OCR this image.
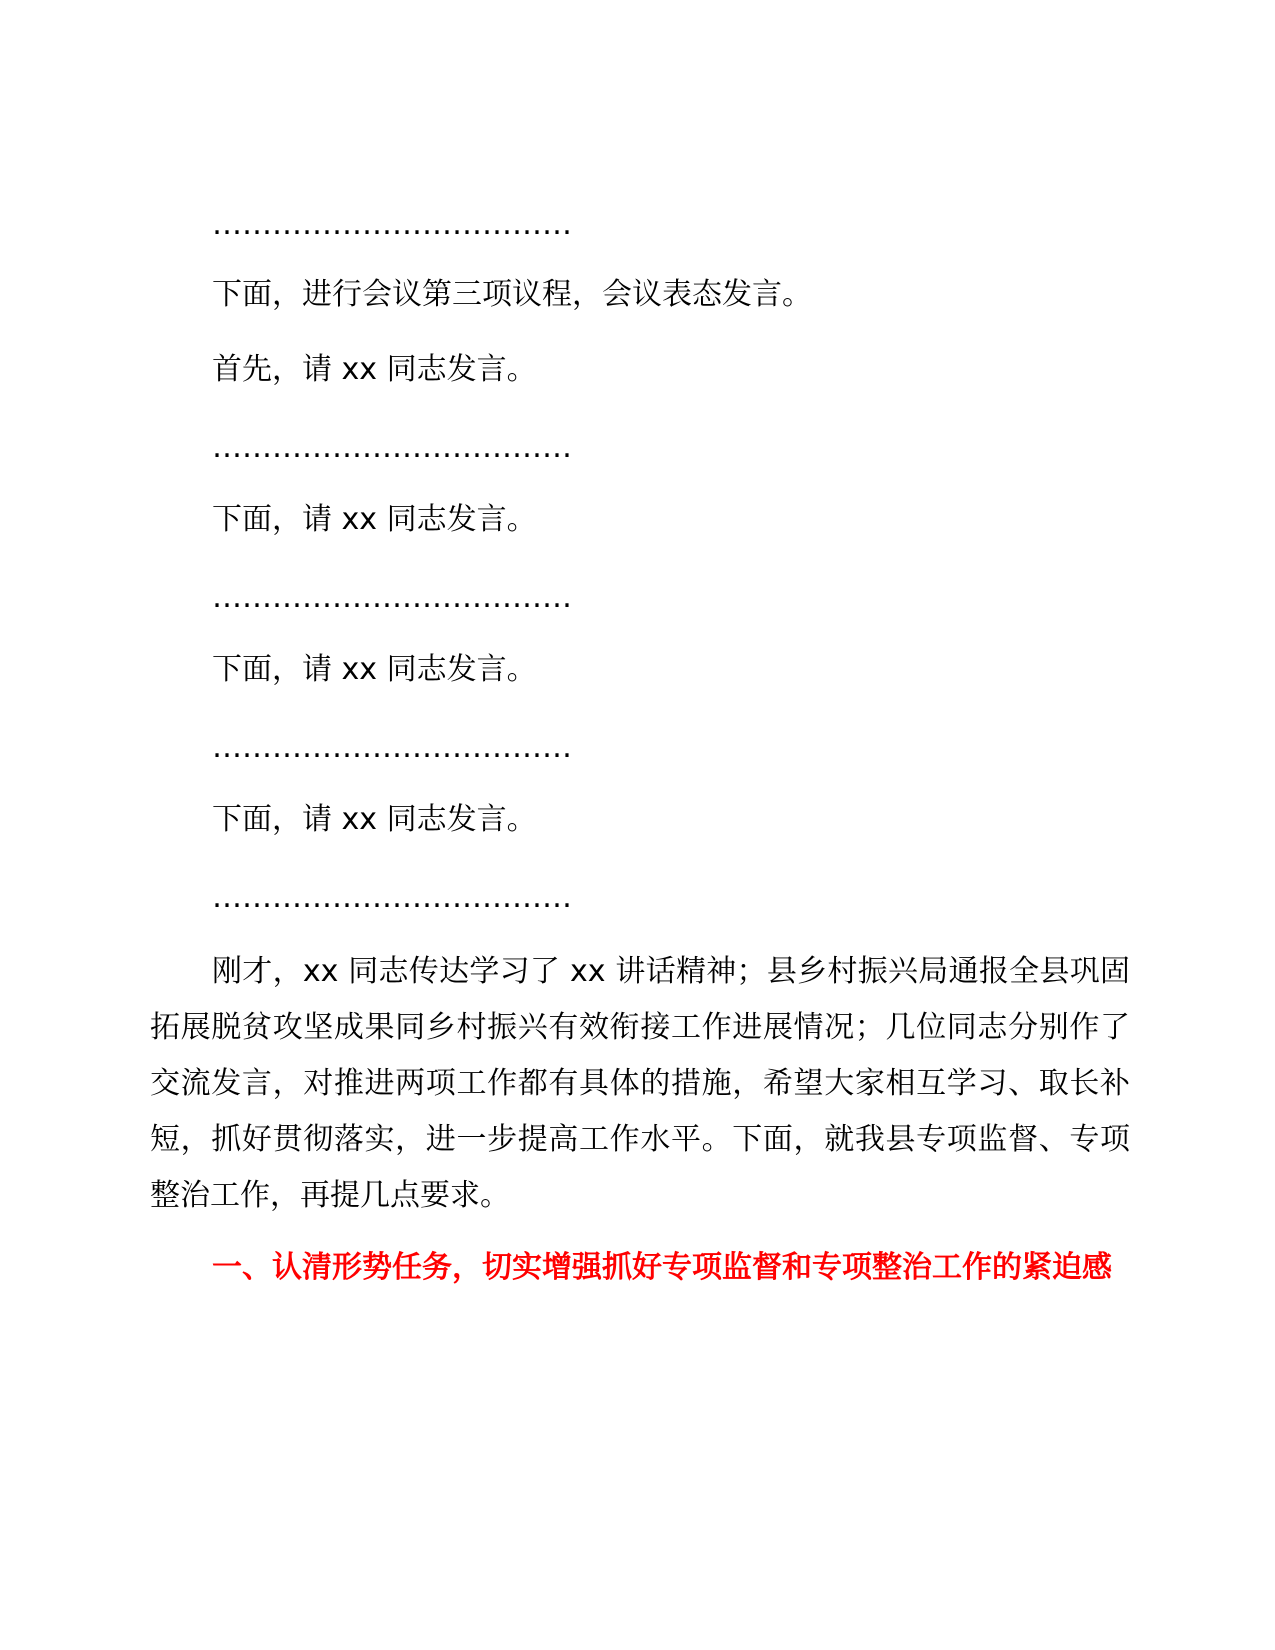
………………………………
下面，进行会议第三项议程，会议表态发言。
首先，请 xx 同志发言。
………………………………
下面，请 xx 同志发言。
………………………………
下面，请 xx 同志发言。
………………………………
下面，请 xx 同志发言。
………………………………
刚才，xx 同志传达学习了 xx 讲话精神；县乡村振兴局通报全县巩固拓展脱贫攻坚成果同乡村振兴有效衔接工作进展情况；几位同志分别作了交流发言，对推进两项工作都有具体的措施，希望大家相互学习、取长补短，抓好贯彻落实，进一步提高工作水平。下面，就我县专项监督、专项整治工作，再提几点要求。
一、认清形势任务，切实增强抓好专项监督和专项整治工作的紧迫感
